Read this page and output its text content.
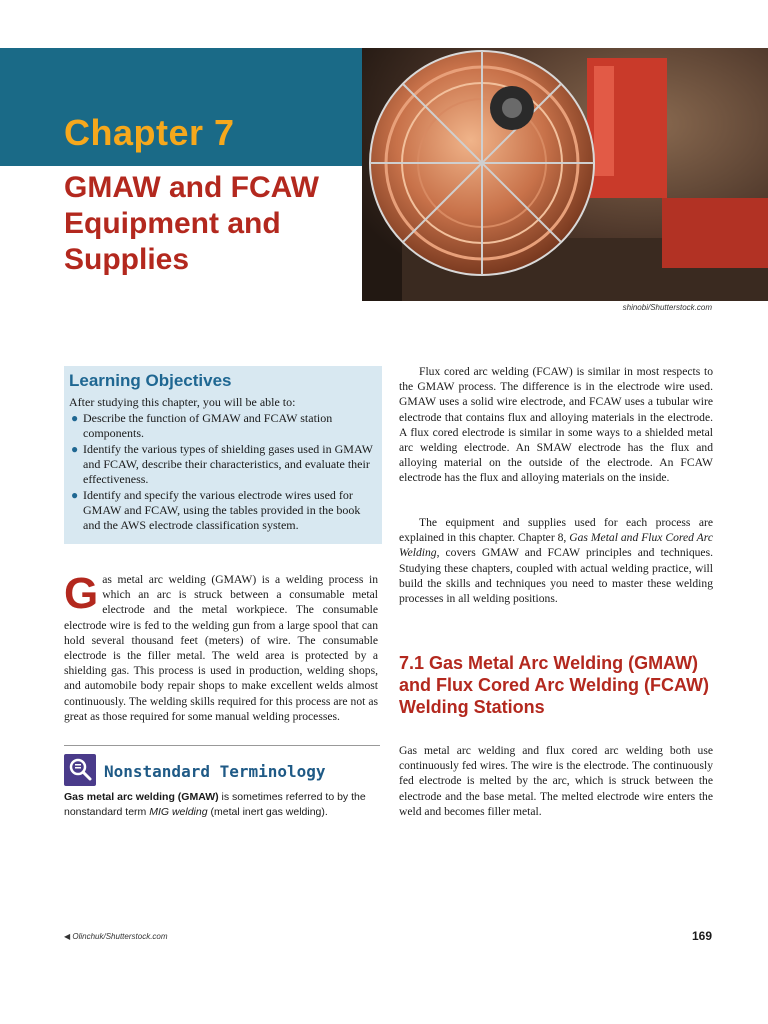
Chapter 7
GMAW and FCAW Equipment and Supplies
shinobi/Shutterstock.com
Learning Objectives

After studying this chapter, you will be able to:

● Describe the function of GMAW and FCAW station components.
● Identify the various types of shielding gases used in GMAW and FCAW, describe their characteristics, and evaluate their effectiveness.
● Identify and specify the various electrode wires used for GMAW and FCAW, using the tables provided in the book and the AWS electrode classification system.

Gas metal arc welding (GMAW) is a welding process in which an arc is struck between a consumable metal electrode and the metal workpiece. The consumable electrode wire is fed to the welding gun from a large spool that can hold several thousand feet (meters) of wire. The consumable electrode is the filler metal. The weld area is protected by a shielding gas. This process is used in production, welding shops, and automobile body repair shops to make excellent welds almost continuously. The welding skills required for this process are not as great as those required for some manual welding processes.

Nonstandard Terminology

Gas metal arc welding (GMAW) is sometimes referred to by the nonstandard term MIG welding (metal inert gas welding).

Flux cored arc welding (FCAW) is similar in most respects to the GMAW process. The difference is in the electrode wire used. GMAW uses a solid wire electrode, and FCAW uses a tubular wire electrode that contains flux and alloying materials in the electrode. A flux cored electrode is similar in some ways to a shielded metal arc welding electrode. An SMAW electrode has the flux and alloying material on the outside of the electrode. An FCAW electrode has the flux and alloying materials on the inside.

The equipment and supplies used for each process are explained in this chapter. Chapter 8, Gas Metal and Flux Cored Arc Welding, covers GMAW and FCAW principles and techniques. Studying these chapters, coupled with actual welding practice, will build the skills and techniques you need to master these welding processes in all welding positions.

7.1 Gas Metal Arc Welding (GMAW) and Flux Cored Arc Welding (FCAW) Welding Stations

Gas metal arc welding and flux cored arc welding both use continuously fed wires. The wire is the electrode. The continuously fed electrode is melted by the arc, which is struck between the electrode and the base metal. The melted electrode wire enters the weld and becomes filler metal.

◀ Olinchuk/Shutterstock.com	169
